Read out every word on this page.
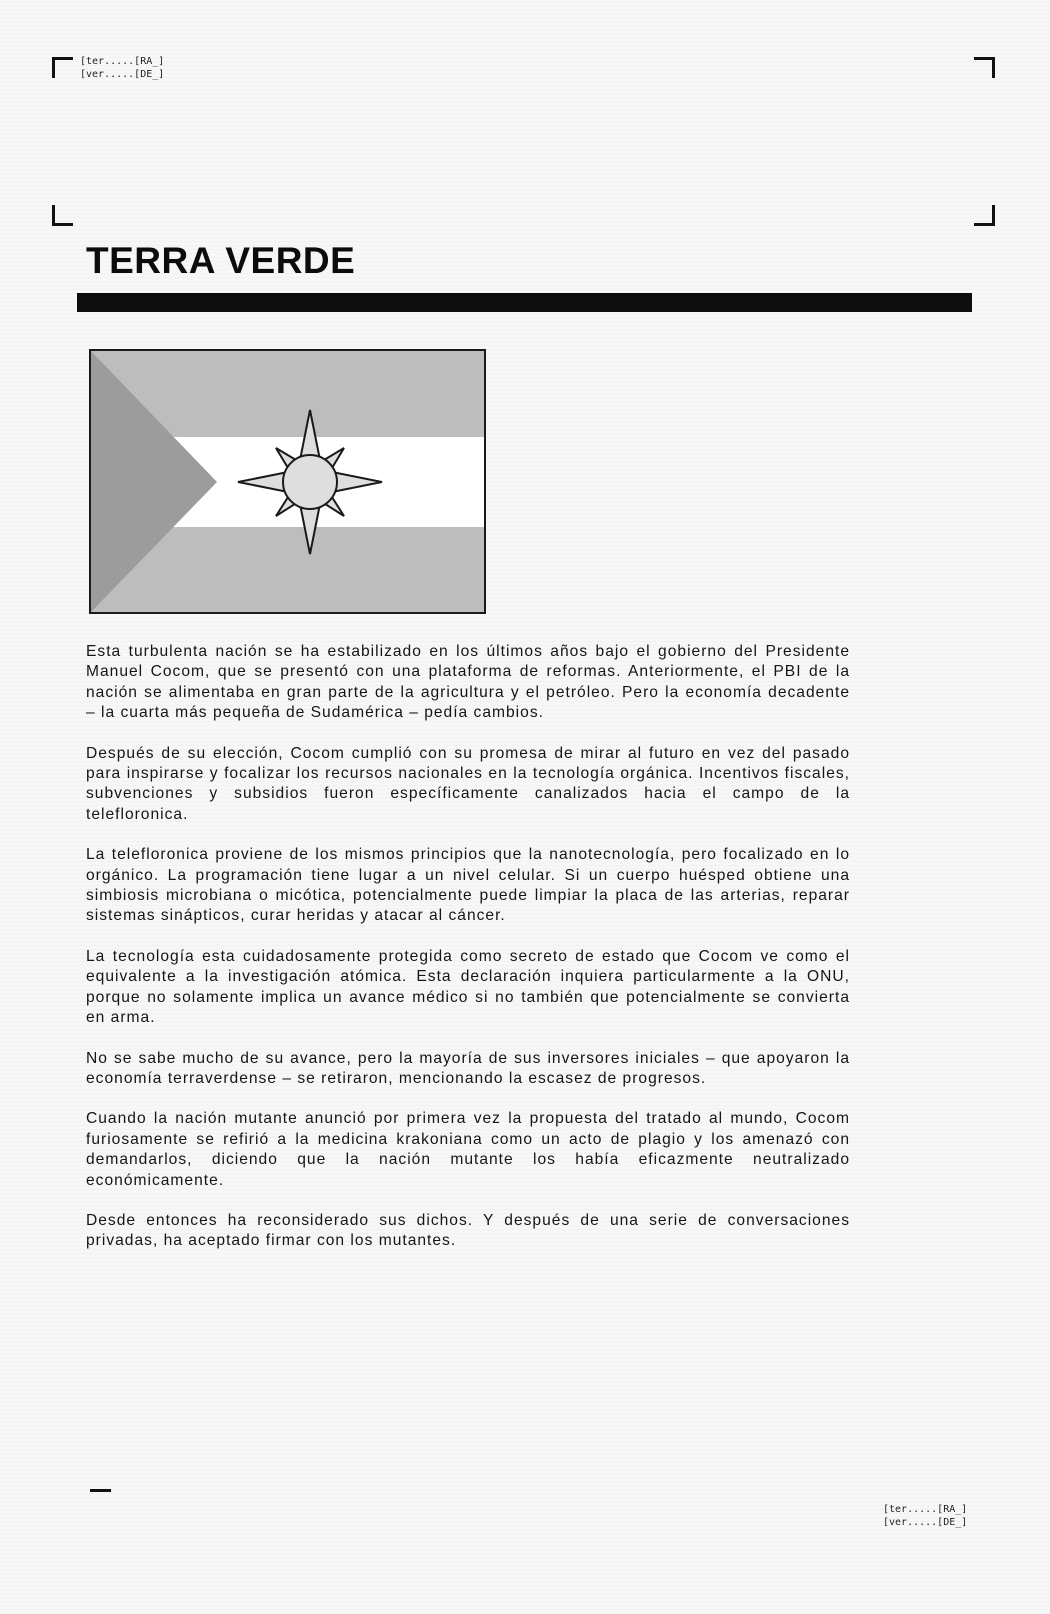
[ter.....[RA_]
[ver.....[DE_]
TERRA VERDE

Esta turbulenta nación se ha estabilizado en los últimos años bajo el gobierno del Presidente Manuel Cocom, que se presentó con una plataforma de reformas. Anteriormente, el PBI de la nación se alimentaba en gran parte de la agricultura y el petróleo. Pero la economía decadente – la cuarta más pequeña de Sudamérica – pedía cambios.

Después de su elección, Cocom cumplió con su promesa de mirar al futuro en vez del pasado para inspirarse y focalizar los recursos nacionales en la tecnología orgánica. Incentivos fiscales, subvenciones y subsidios fueron específicamente canalizados hacia el campo de la telefloronica.

La telefloronica proviene de los mismos principios que la nanotecnología, pero focalizado en lo orgánico. La programación tiene lugar a un nivel celular. Si un cuerpo huésped obtiene una simbiosis microbiana o micótica, potencialmente puede limpiar la placa de las arterias, reparar sistemas sinápticos, curar heridas y atacar al cáncer.

La tecnología esta cuidadosamente protegida como secreto de estado que Cocom ve como el equivalente a la investigación atómica. Esta declaración inquiera particularmente a la ONU, porque no solamente implica un avance médico si no también que potencialmente se convierta en arma.

No se sabe mucho de su avance, pero la mayoría de sus inversores iniciales – que apoyaron la economía terraverdense – se retiraron, mencionando la escasez de progresos.

Cuando la nación mutante anunció por primera vez la propuesta del tratado al mundo, Cocom furiosamente se refirió a la medicina krakoniana como un acto de plagio y los amenazó con demandarlos, diciendo que la nación mutante los había eficazmente neutralizado económicamente.

Desde entonces ha reconsiderado sus dichos. Y después de una serie de conversaciones privadas, ha aceptado firmar con los mutantes.

[ter.....[RA_]
[ver.....[DE_]
